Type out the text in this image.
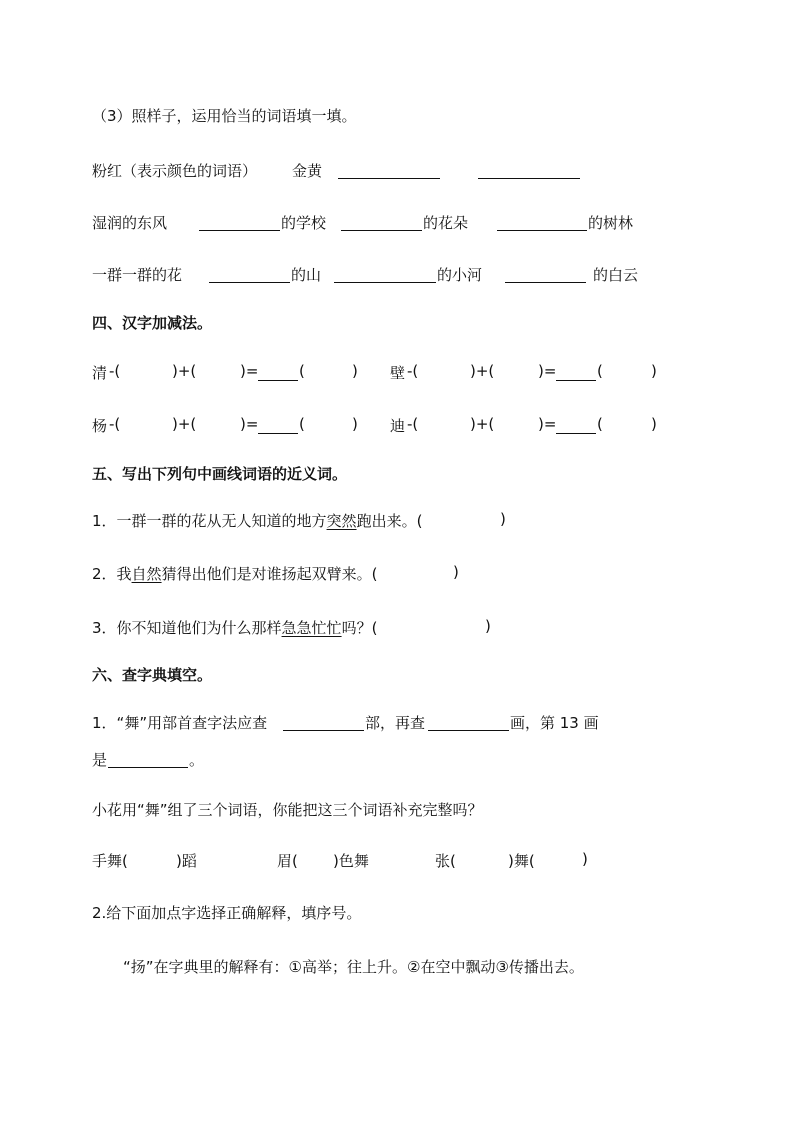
（3）照样子，运用恰当的词语填一填。
粉红（表示颜色的词语） 金黄
湿润的东风	的学校	的花朵	的树林
一群一群的花	的山	的小河	的白云
四、汉字加减法。
清 -(	)+(	)=	(	) 壁 -(	)+(	)=	(	)
杨 -(	)+(	)=	(	) 迪 -(	)+(	)=	(	)
五、写出下列句中画线词语的近义词。
1．一群一群的花从无人知道的地方突然跑出来。(	)
2．我自然猜得出他们是对谁扬起双臂来。(	)
3．你不知道他们为什么那样急急忙忙吗？(	)
六、查字典填空。
1．“舞”用部首查字法应查	部，再查	画，第 13 画
是	。
小花用“舞”组了三个词语，你能把这三个词语补充完整吗？
手舞(	)蹈	眉( )色舞	张(	)舞(	)
2.给下面加点字选择正确解释，填序号。
“扬”在字典里的解释有：①高举；往上升。②在空中飘动③传播出去。
